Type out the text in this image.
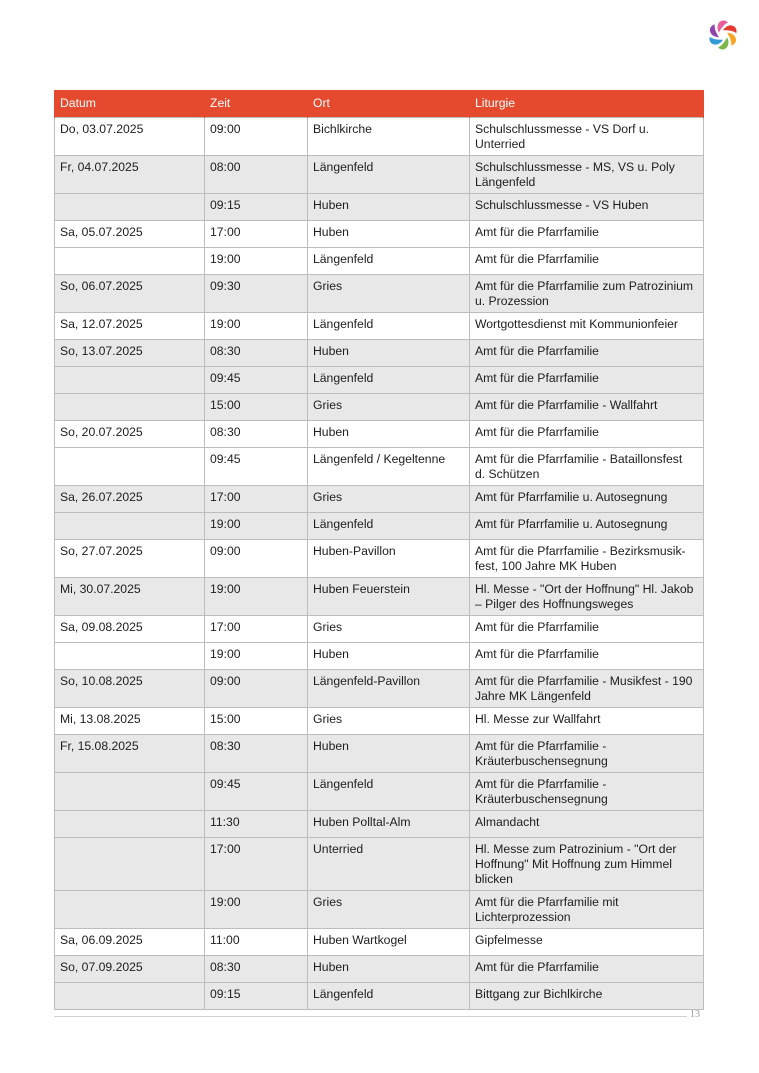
Datum	Zeit	Ort	Liturgie
Do, 03.07.2025	09:00	Bichlkirche	Schulschlussmesse - VS Dorf u.
Unterried

Fr, 04.07.2025	08:00	Längenfeld	Schulschlussmesse - MS, VS u. Poly
Längenfeld

	09:15	Huben	Schulschlussmesse - VS Huben

Sa, 05.07.2025	17:00	Huben	Amt für die Pfarrfamilie

	19:00	Längenfeld	Amt für die Pfarrfamilie

So, 06.07.2025	09:30	Gries	Amt für die Pfarrfamilie zum Patrozinium
u. Prozession

Sa, 12.07.2025	19:00	Längenfeld	Wortgottesdienst mit Kommunionfeier

So, 13.07.2025	08:30	Huben	Amt für die Pfarrfamilie

	09:45	Längenfeld	Amt für die Pfarrfamilie

	15:00	Gries	Amt für die Pfarrfamilie - Wallfahrt

So, 20.07.2025	08:30	Huben	Amt für die Pfarrfamilie

	09:45	Längenfeld / Kegeltenne	Amt für die Pfarrfamilie - Bataillonsfest
d. Schützen

Sa, 26.07.2025	17:00	Gries	Amt für Pfarrfamilie u. Autosegnung

	19:00	Längenfeld	Amt für Pfarrfamilie u. Autosegnung

So, 27.07.2025	09:00	Huben-Pavillon	Amt für die Pfarrfamilie - Bezirksmusik-
fest, 100 Jahre MK Huben

Mi, 30.07.2025	19:00	Huben Feuerstein	Hl. Messe - "Ort der Hoffnung" Hl. Jakob
– Pilger des Hoffnungsweges

Sa, 09.08.2025	17:00	Gries	Amt für die Pfarrfamilie

	19:00	Huben	Amt für die Pfarrfamilie

So, 10.08.2025	09:00	Längenfeld-Pavillon	Amt für die Pfarrfamilie - Musikfest - 190
Jahre MK Längenfeld

Mi, 13.08.2025	15:00	Gries	Hl. Messe zur Wallfahrt

Fr, 15.08.2025	08:30	Huben	Amt für die Pfarrfamilie -
Kräuterbuschensegnung

	09:45	Längenfeld	Amt für die Pfarrfamilie -
Kräuterbuschensegnung

	11:30	Huben Polltal-Alm	Almandacht

	17:00	Unterried	Hl. Messe zum Patrozinium - "Ort der
Hoffnung" Mit Hoffnung zum Himmel
blicken

	19:00	Gries	Amt für die Pfarrfamilie mit
Lichterprozession

Sa, 06.09.2025	11:00	Huben Wartkogel	Gipfelmesse

So, 07.09.2025	08:30	Huben	Amt für die Pfarrfamilie

	09:15	Längenfeld	Bittgang zur Bichlkirche
13
